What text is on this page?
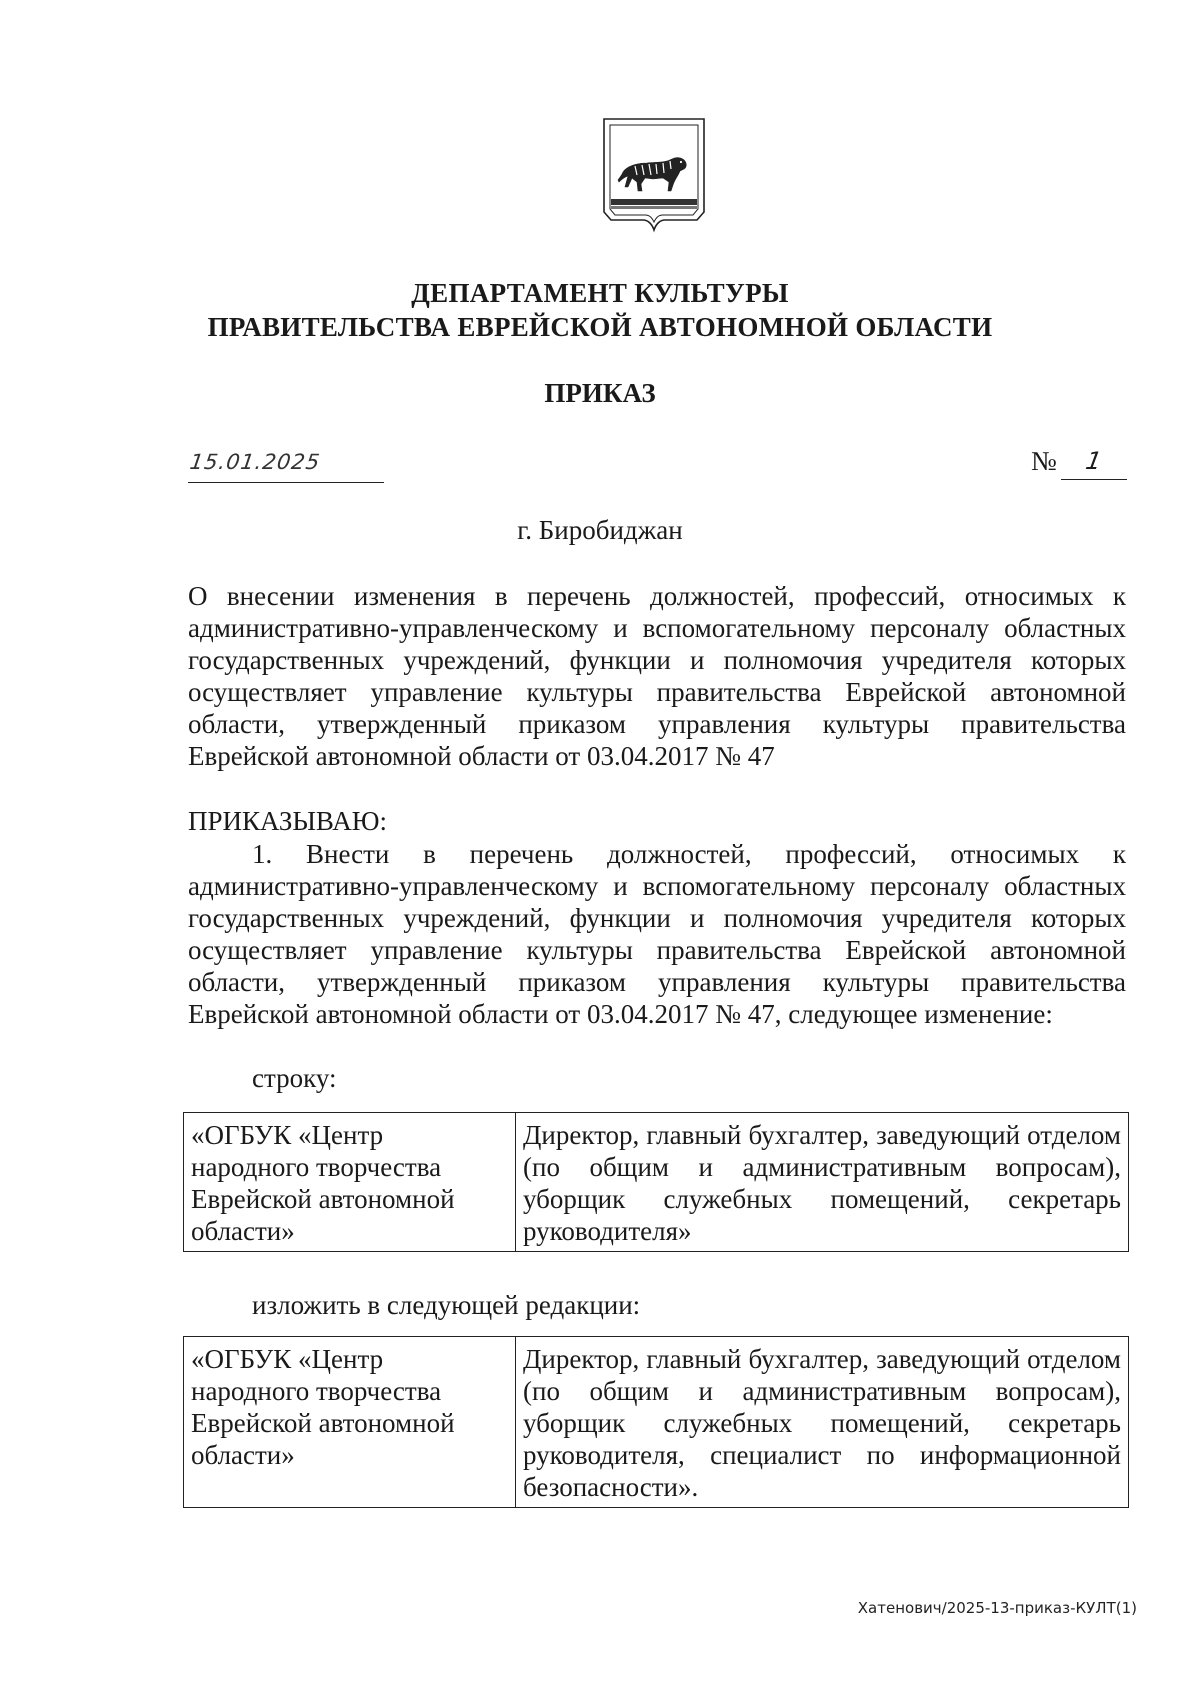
ДЕПАРТАМЕНТ КУЛЬТУРЫ
ПРАВИТЕЛЬСТВА ЕВРЕЙСКОЙ АВТОНОМНОЙ ОБЛАСТИ
ПРИКАЗ
15.01.2025	№	1
г. Биробиджан

О внесении изменения в перечень должностей, профессий, относимых к административно-управленческому и вспомогательному персоналу областных государственных учреждений, функции и полномочия учредителя которых осуществляет управление культуры правительства Еврейской автономной области, утвержденный приказом управления культуры правительства Еврейской автономной области от 03.04.2017 № 47

ПРИКАЗЫВАЮ:

1. Внести в перечень должностей, профессий, относимых к административно-управленческому и вспомогательному персоналу областных государственных учреждений, функции и полномочия учредителя которых осуществляет управление культуры правительства Еврейской автономной области, утвержденный приказом управления культуры правительства Еврейской автономной области от 03.04.2017 № 47, следующее изменение:

строку:
«ОГБУК «Центр народного творчества Еврейской автономной области»	Директор, главный бухгалтер, заведующий отделом (по общим и административным вопросам), уборщик служебных помещений, секретарь руководителя»
изложить в следующей редакции:
«ОГБУК «Центр народного творчества Еврейской автономной области»	Директор, главный бухгалтер, заведующий отделом (по общим и административным вопросам), уборщик служебных помещений, секретарь руководителя, специалист по информационной безопасности».
Хатенович/2025-13-приказ-КУЛТ(1)
